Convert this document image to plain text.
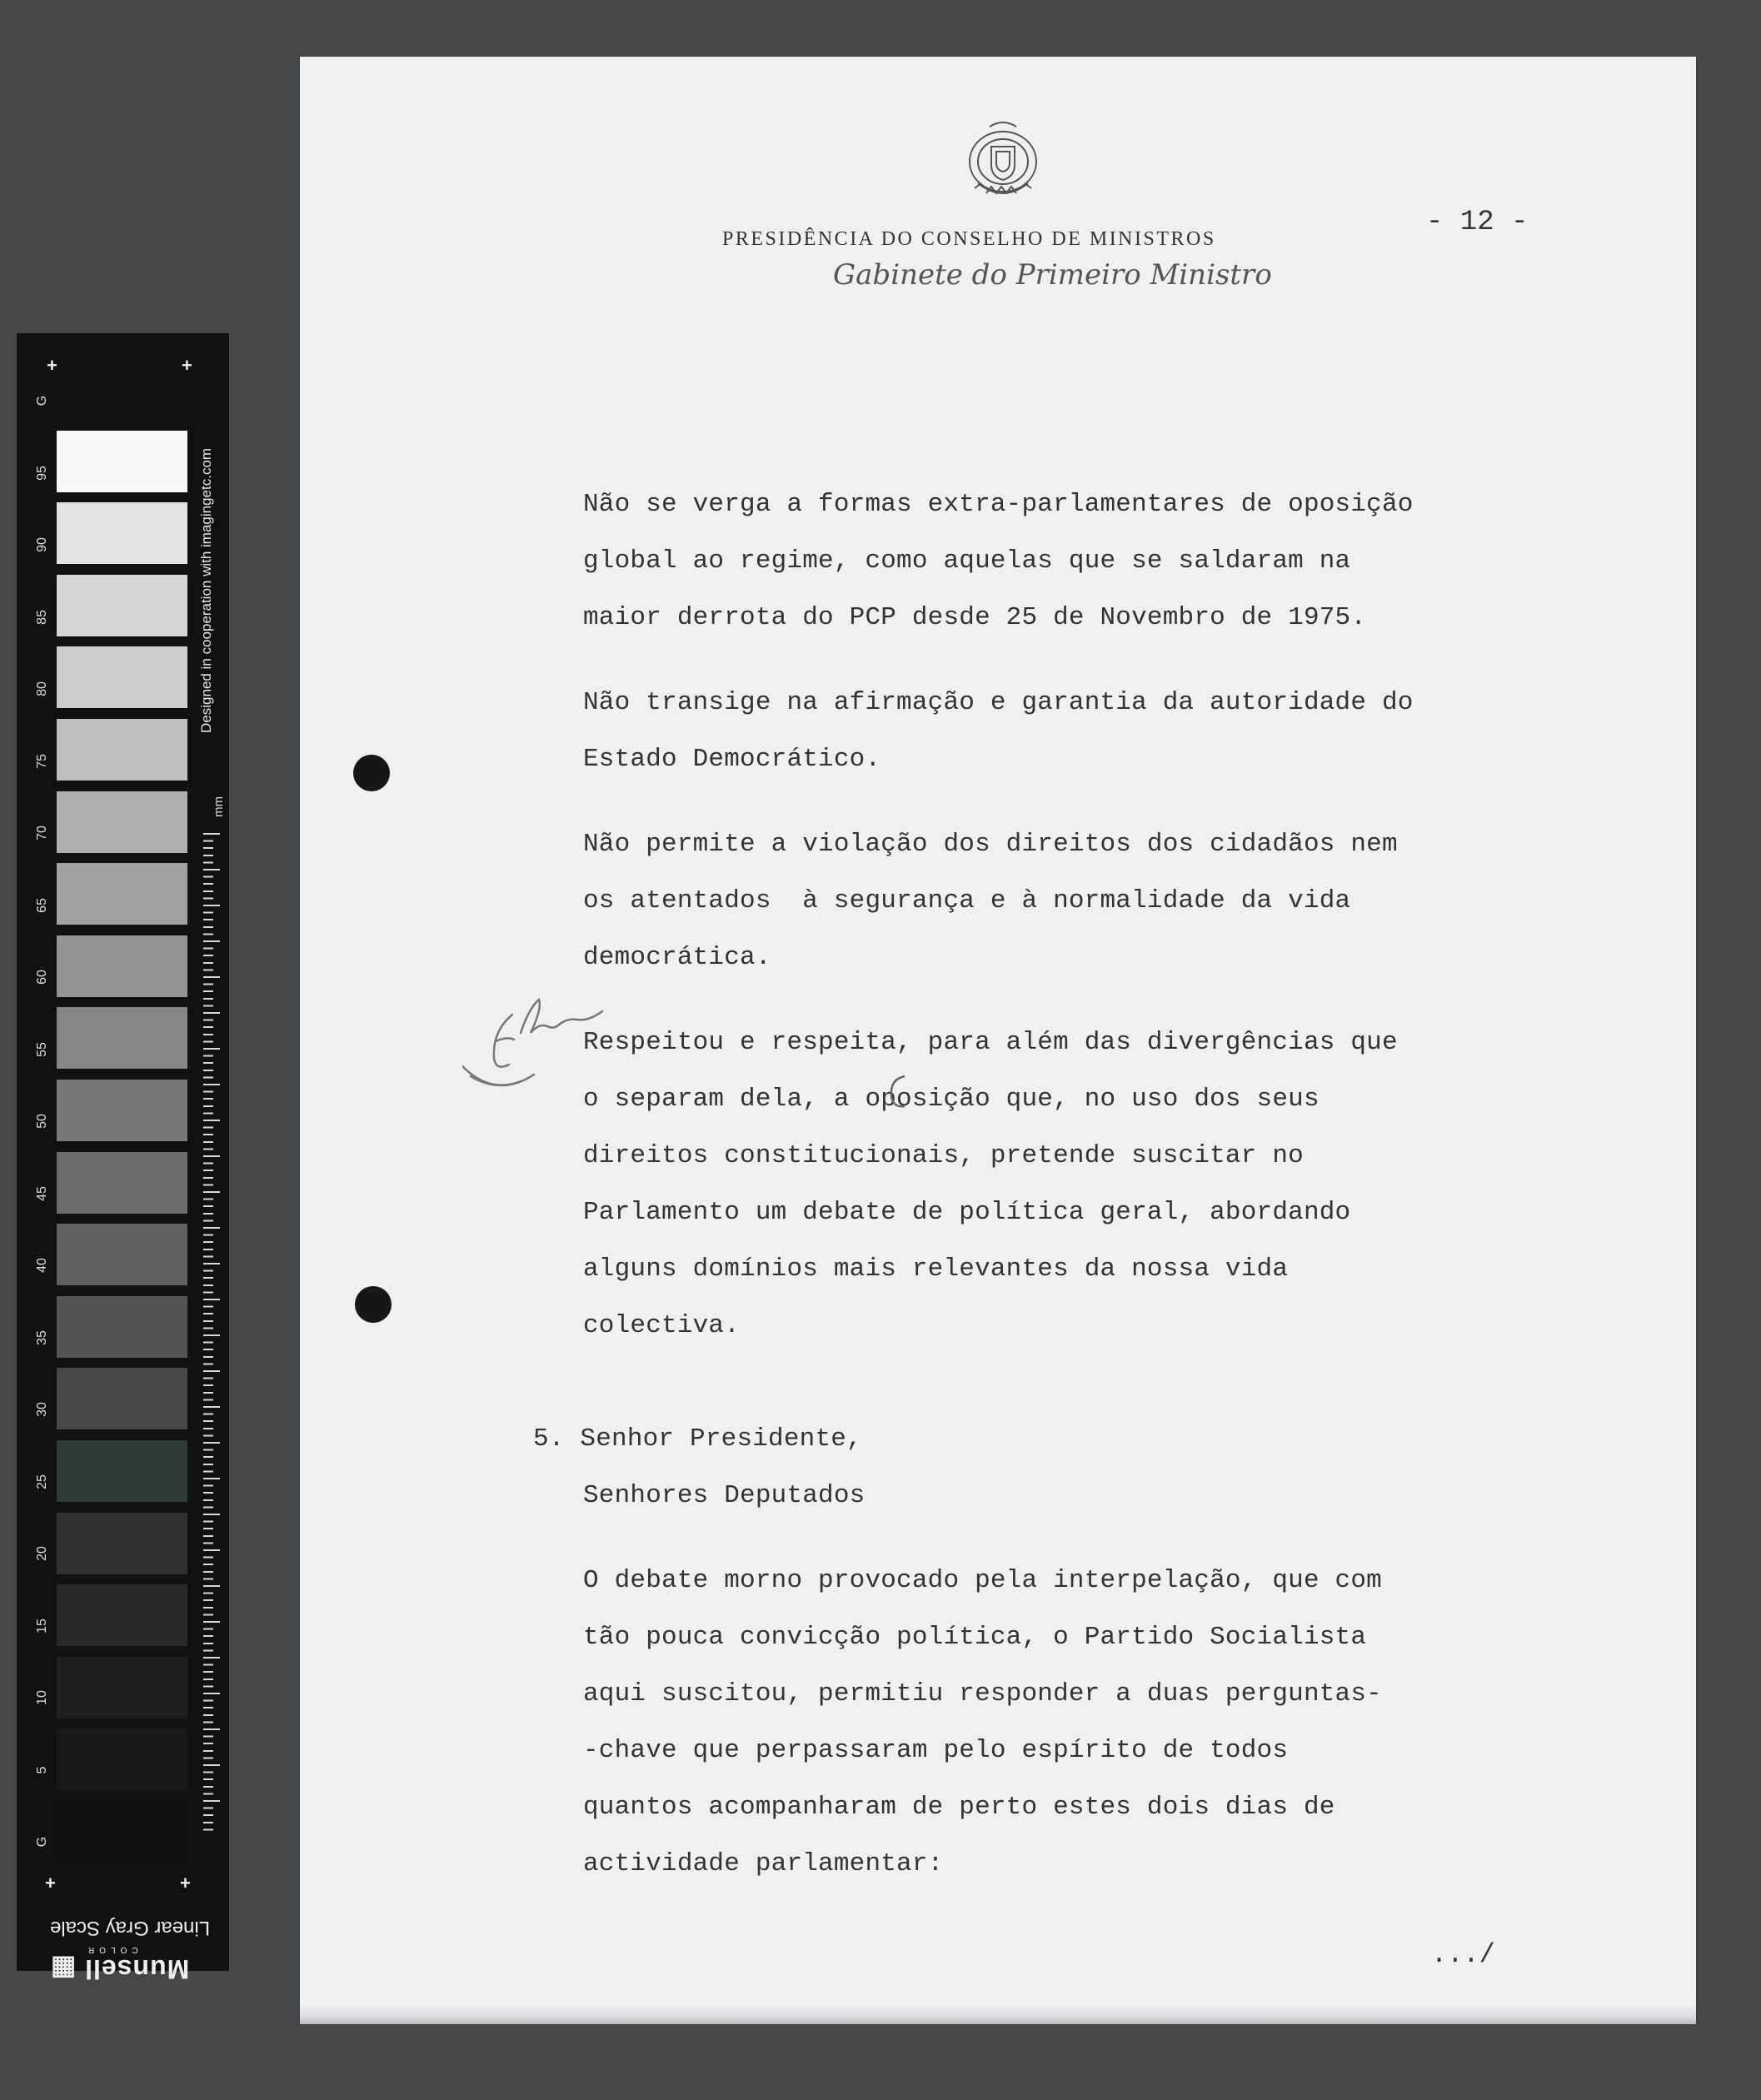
G
95
90
85
80
75
70
65
60
55
50
45
40
35
30
25
20
15
10
5
G
+	+
+	+
Designed in cooperation with imagingetc.com
mm
Linear Gray Scale
COLOR
Munsell ▦
PRESIDÊNCIA DO CONSELHO DE MINISTROS
Gabinete do Primeiro Ministro
- 12 -
Não se verga a formas extra-parlamentares de oposição
global ao regime, como aquelas que se saldaram na
maior derrota do PCP desde 25 de Novembro de 1975.
Não transige na afirmação e garantia da autoridade do
Estado Democrático.
Não permite a violação dos direitos dos cidadãos nem
os atentados  à segurança e à normalidade da vida
democrática.
Respeitou e respeita, para além das divergências que
o separam dela, a oposição que, no uso dos seus
direitos constitucionais, pretende suscitar no
Parlamento um debate de política geral, abordando
alguns domínios mais relevantes da nossa vida
colectiva.
5. Senhor Presidente,
Senhores Deputados
O debate morno provocado pela interpelação, que com
tão pouca convicção política, o Partido Socialista
aqui suscitou, permitiu responder a duas perguntas-
-chave que perpassaram pelo espírito de todos
quantos acompanharam de perto estes dois dias de
actividade parlamentar:
.../
